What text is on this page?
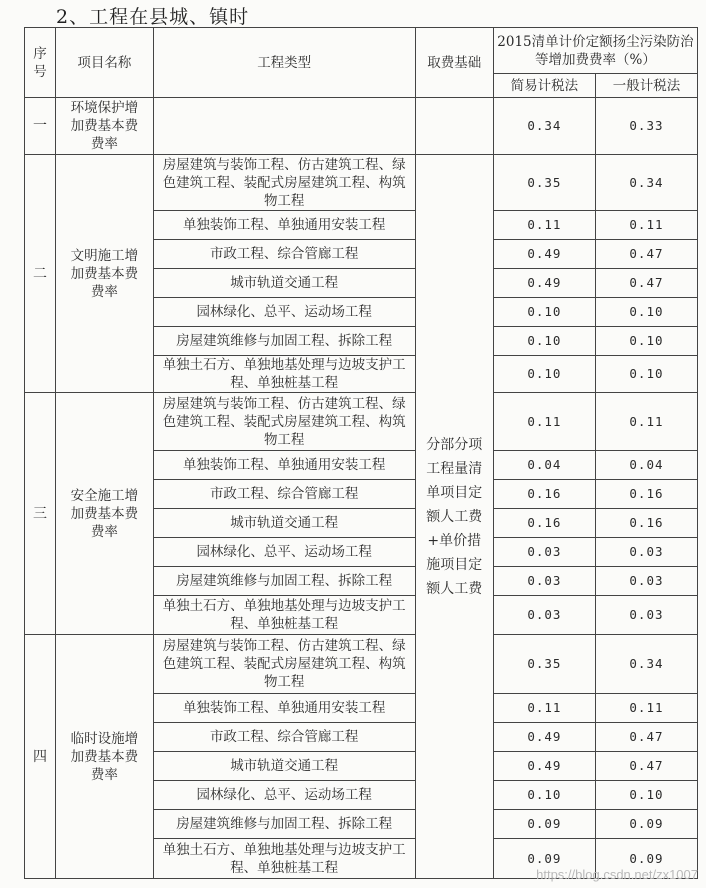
2、工程在县城、镇时
序号	项目名称	工程类型	取费基础	2015清单计价定额扬尘污染防治等增加费费率（%）	
				简易计税法	一般计税法
一	环境保护增加费基本费费率			0.34	0.33
二	文明施工增加费基本费费率	房屋建筑与装饰工程、仿古建筑工程、绿色建筑工程、装配式房屋建筑工程、构筑物工程	分部分项工程量清单项目定额人工费+单价措施项目定额人工费	0.35	0.34
		单独装饰工程、单独通用安装工程		0.11	0.11
		市政工程、综合管廊工程		0.49	0.47
		城市轨道交通工程		0.49	0.47
		园林绿化、总平、运动场工程		0.10	0.10
		房屋建筑维修与加固工程、拆除工程		0.10	0.10
		单独土石方、单独地基处理与边坡支护工程、单独桩基工程		0.10	0.10
三	安全施工增加费基本费费率	房屋建筑与装饰工程、仿古建筑工程、绿色建筑工程、装配式房屋建筑工程、构筑物工程		0.11	0.11
		单独装饰工程、单独通用安装工程		0.04	0.04
		市政工程、综合管廊工程		0.16	0.16
		城市轨道交通工程		0.16	0.16
		园林绿化、总平、运动场工程		0.03	0.03
		房屋建筑维修与加固工程、拆除工程		0.03	0.03
		单独土石方、单独地基处理与边坡支护工程、单独桩基工程		0.03	0.03
四	临时设施增加费基本费费率	房屋建筑与装饰工程、仿古建筑工程、绿色建筑工程、装配式房屋建筑工程、构筑物工程		0.35	0.34
		单独装饰工程、单独通用安装工程		0.11	0.11
		市政工程、综合管廊工程		0.49	0.47
		城市轨道交通工程		0.49	0.47
		园林绿化、总平、运动场工程		0.10	0.10
		房屋建筑维修与加固工程、拆除工程		0.09	0.09
		单独土石方、单独地基处理与边坡支护工程、单独桩基工程		0.09	0.09
https://blog.csdn.net/zx1007
